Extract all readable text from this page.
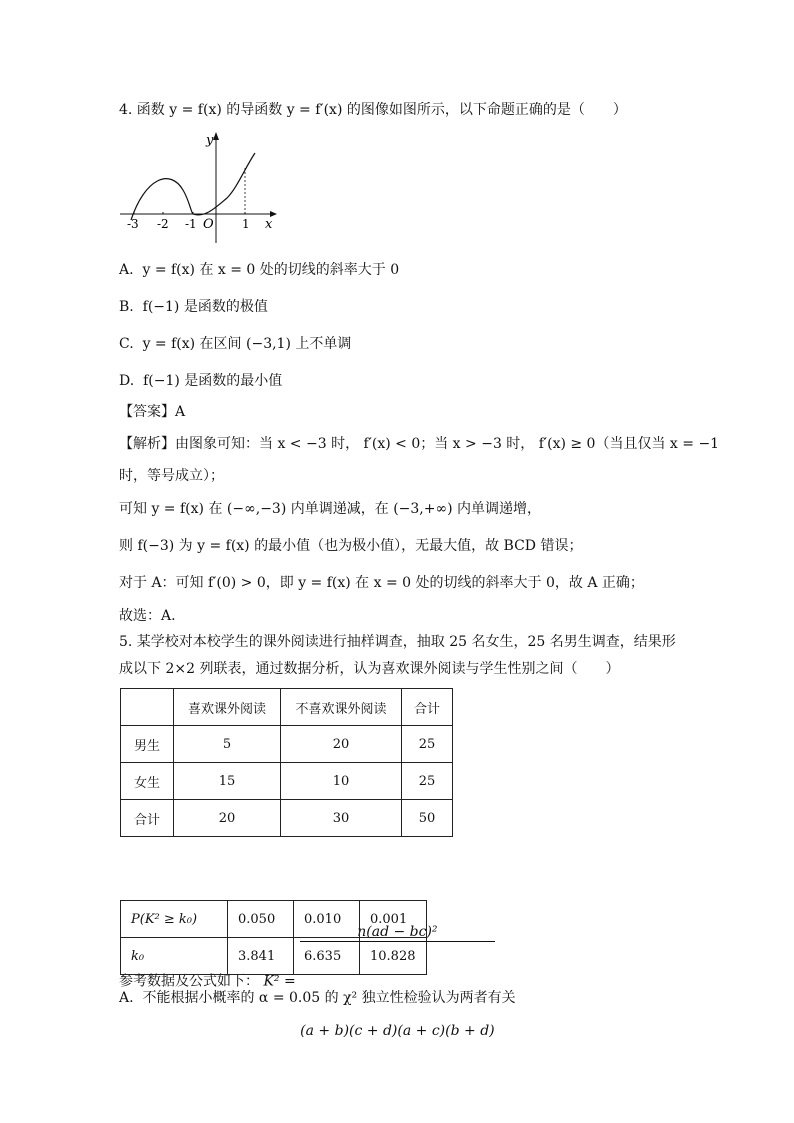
4. 函数 y = f(x) 的导函数 y = f′(x) 的图像如图所示，以下命题正确的是（　　）
y
x
O
-3 -2 -1	1
A.  y = f(x) 在 x = 0 处的切线的斜率大于 0
B.  f(−1) 是函数的极值
C.  y = f(x) 在区间 (−3,1) 上不单调
D.  f(−1) 是函数的最小值
【答案】A
【解析】由图象可知：当 x < −3 时， f′(x) < 0；当 x > −3 时， f′(x) ≥ 0（当且仅当 x = −1
时，等号成立）；
可知 y = f(x) 在 (−∞,−3) 内单调递减，在 (−3,+∞) 内单调递增，
则 f(−3) 为 y = f(x) 的最小值（也为极小值），无最大值，故 BCD 错误；
对于 A：可知 f′(0) > 0，即 y = f(x) 在 x = 0 处的切线的斜率大于 0，故 A 正确；
故选：A.
5. 某学校对本校学生的课外阅读进行抽样调查，抽取 25 名女生，25 名男生调查，结果形
成以下 2×2 列联表，通过数据分析，认为喜欢课外阅读与学生性别之间（　　）
	喜欢课外阅读	不喜欢课外阅读	合计
男生	5	20	25
女生	15	10	25
合计	20	30	50
参考数据及公式如下： K² =
$\frac{\text{n(ad − bc)²}}{(a + b)(c + d)(a + c)(b + d)}$

P(K² ≥ k₀)	0.050	0.010	0.001
k₀	3.841	6.635	10.828
A.  不能根据小概率的 α = 0.05 的 χ² 独立性检验认为两者有关
